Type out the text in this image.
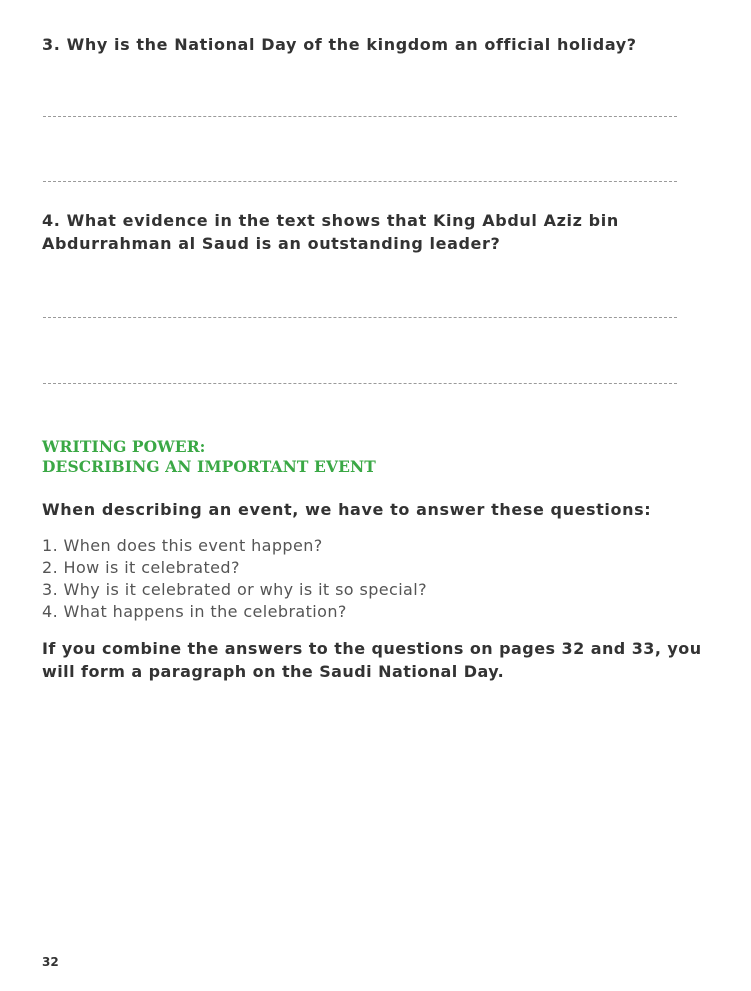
3. Why is the National Day of the kingdom an official holiday?

4. What evidence in the text shows that King Abdul Aziz bin
Abdurrahman al Saud is an outstanding leader?
WRITING POWER:
DESCRIBING AN IMPORTANT EVENT

When describing an event, we have to answer these questions:

1. When does this event happen?
2. How is it celebrated?
3. Why is it celebrated or why is it so special?
4. What happens in the celebration?
If you combine the answers to the questions on pages 32 and 33, you
will form a paragraph on the Saudi National Day.
32
